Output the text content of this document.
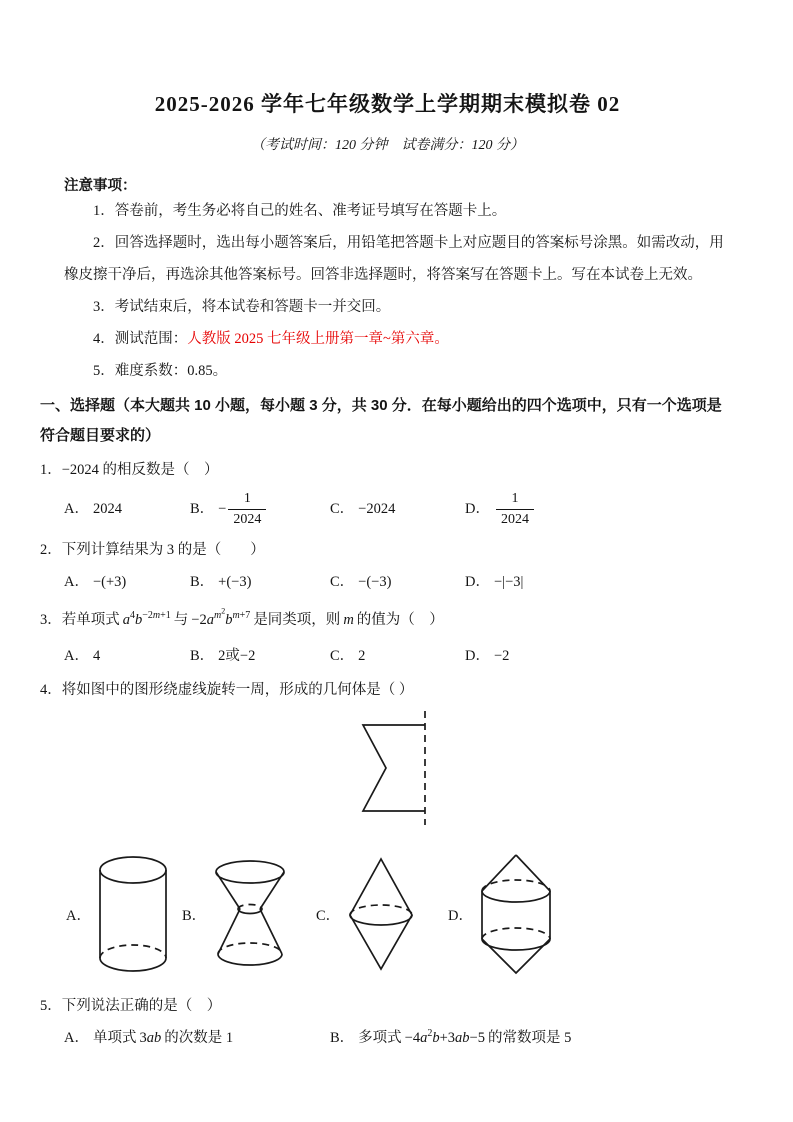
2025-2026 学年七年级数学上学期期末模拟卷 02

（考试时间：120 分钟　试卷满分：120 分）

注意事项：

1．答卷前，考生务必将自己的姓名、准考证号填写在答题卡上。

2．回答选择题时，选出每小题答案后，用铅笔把答题卡上对应题目的答案标号涂黑。如需改动，用橡皮擦干净后，再选涂其他答案标号。回答非选择题时，将答案写在答题卡上。写在本试卷上无效。

3．考试结束后，将本试卷和答题卡一并交回。

4．测试范围：人教版 2025 七年级上册第一章~第六章。

5．难度系数：0.85。

一、选择题（本大题共 10 小题，每小题 3 分，共 30 分．在每小题给出的四个选项中，只有一个选项是符合题目要求的）

1．−2024 的相反数是（　）

A． 2024	B． − $\frac{1}{2024}$	C． −2024	D． $\frac{1}{2024}$

2．下列计算结果为 3 的是（　　）

A． −(+3)	B． +(−3)	C． −(−3)	D． −|−3|

3．若单项式 $a^4b^{-2m+1}$ 与 $-2a^{m^2}b^{m+7}$ 是同类项，则 m 的值为（　）

A． 4	B． 2或−2	C． 2	D． −2

4．将如图中的图形绕虚线旋转一周，形成的几何体是（ ）

A．	B．	C．	D．

5．下列说法正确的是（　）

A． 单项式 3ab 的次数是 1	B． 多项式 $-4a^2b+3ab-5$ 的常数项是 5
